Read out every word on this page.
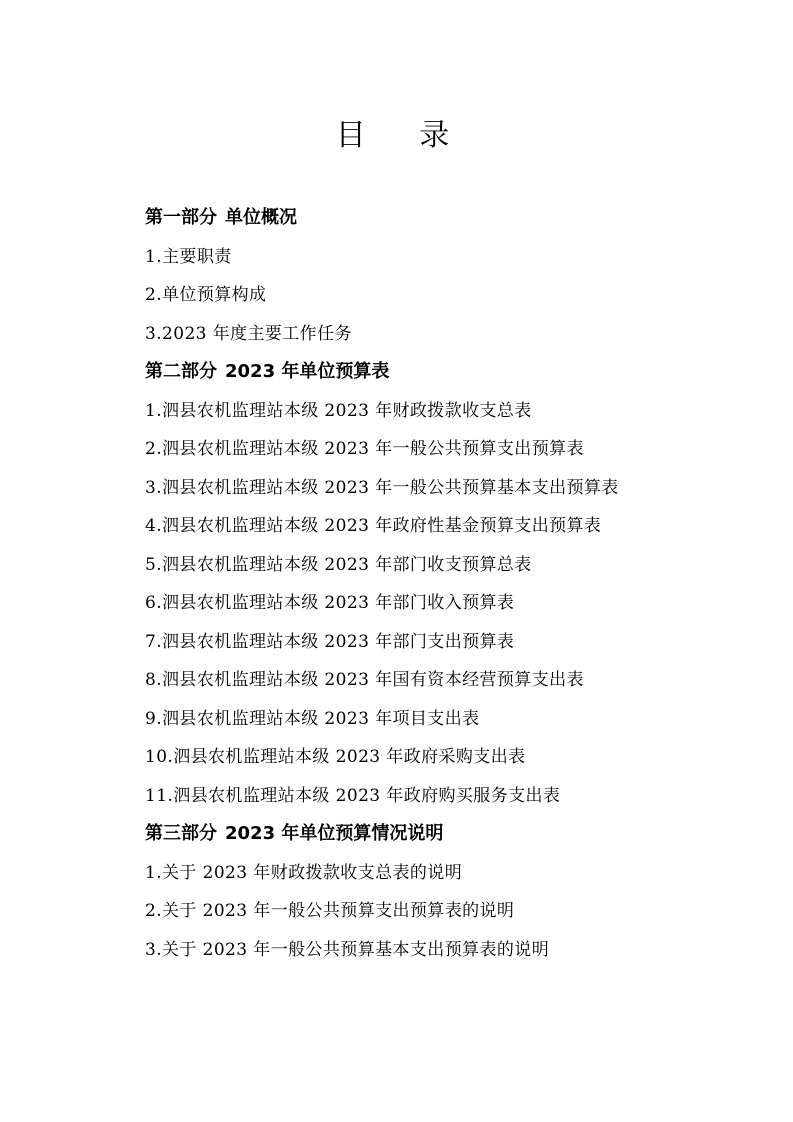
目 录
第一部分 单位概况
1.主要职责
2.单位预算构成
3.2023 年度主要工作任务
第二部分 2023 年单位预算表
1.泗县农机监理站本级 2023 年财政拨款收支总表
2.泗县农机监理站本级 2023 年一般公共预算支出预算表
3.泗县农机监理站本级 2023 年一般公共预算基本支出预算表
4.泗县农机监理站本级 2023 年政府性基金预算支出预算表
5.泗县农机监理站本级 2023 年部门收支预算总表
6.泗县农机监理站本级 2023 年部门收入预算表
7.泗县农机监理站本级 2023 年部门支出预算表
8.泗县农机监理站本级 2023 年国有资本经营预算支出表
9.泗县农机监理站本级 2023 年项目支出表
10.泗县农机监理站本级 2023 年政府采购支出表
11.泗县农机监理站本级 2023 年政府购买服务支出表
第三部分 2023 年单位预算情况说明
1.关于 2023 年财政拨款收支总表的说明
2.关于 2023 年一般公共预算支出预算表的说明
3.关于 2023 年一般公共预算基本支出预算表的说明
